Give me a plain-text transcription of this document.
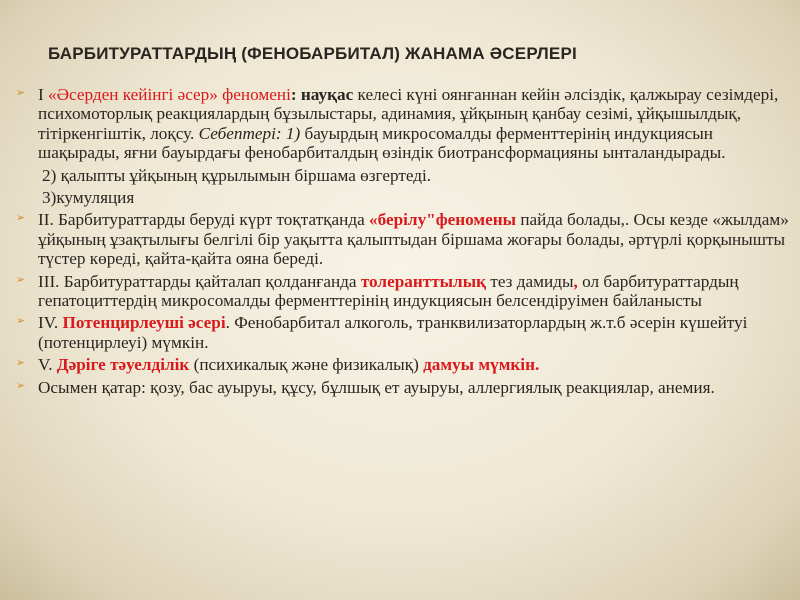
БАРБИТУРАТТАРДЫҢ (ФЕНОБАРБИТАЛ) ЖАНАМА ӘСЕРЛЕРІ
➢ I «Әсерден кейінгі әсер» феномені: науқас келесі күні оянғаннан кейін әлсіздік, қалжырау сезімдері, психомоторлық реакциялардың бұзылыстары, адинамия, ұйқының қанбау сезімі, ұйқышылдық, тітіркенгіштік, лоқсу. Себептері: 1) бауырдың микросомалды ферменттерінің индукциясын шақырады, яғни бауырдағы фенобарбиталдың өзіндік биотрансформацияны ынталандырады.
2) қалыпты ұйқының құрылымын біршама өзгертеді.
3)кумуляция
➢ II. Барбитураттарды беруді күрт тоқтатқанда «берілу"феномены пайда болады,. Осы кезде «жылдам» ұйқының ұзақтылығы белгілі бір уақытта қалыптыдан біршама жоғары болады, әртүрлі қорқынышты түстер көреді, қайта-қайта ояна береді.
➢ III. Барбитураттарды қайталап қолданғанда толеранттылық тез дамиды, ол барбитураттардың гепатоциттердің микросомалды ферменттерінің индукциясын белсендіруімен байланысты
➢ IV. Потенцирлеуші әсері. Фенобарбитал алкоголь, транквилизаторлардың ж.т.б әсерін күшейтуі (потенцирлеуі) мүмкін.
➢ V. Дәріге тәуелділік (психикалық және физикалық) дамуы мүмкін.
➢ Осымен қатар: қозу, бас ауыруы, құсу, бұлшық ет ауыруы, аллергиялық реакциялар, анемия.
